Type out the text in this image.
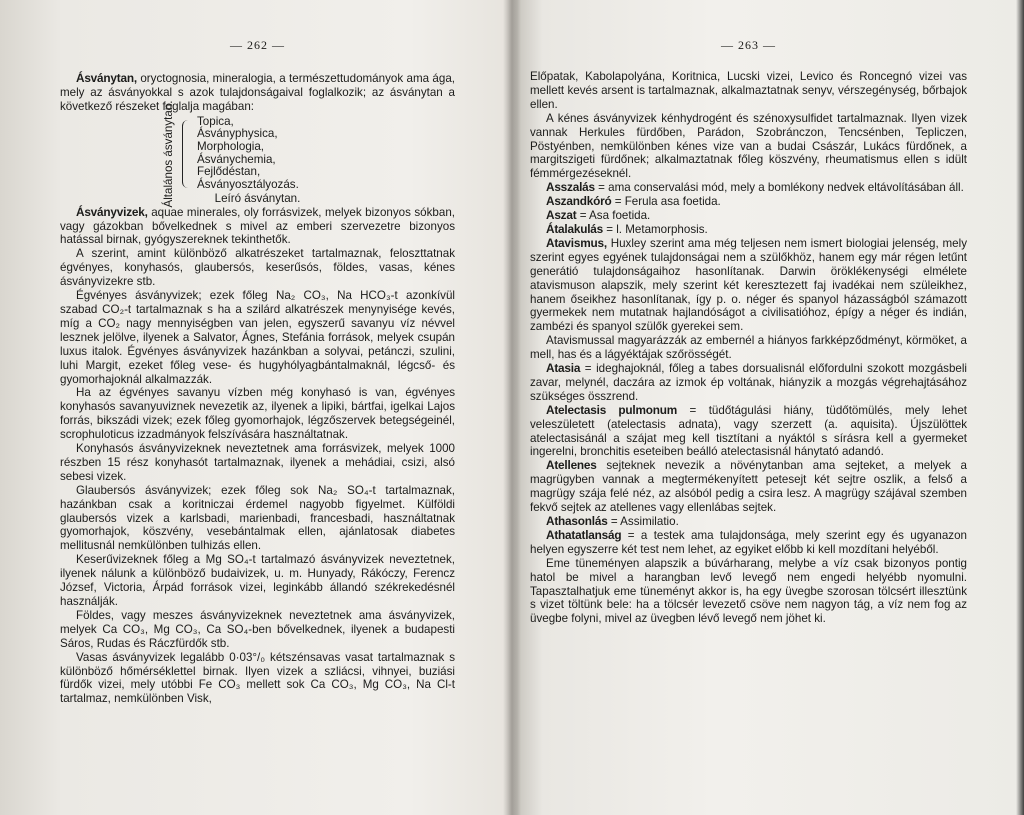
— 262 —

Ásványtan, oryctognosia, mineralogia, a természettudományok ama ága, mely az ásványokkal s azok tulajdonságaival foglalkozik; az ásványtan a következő részeket foglalja magában:

Általános ásványtan. Topica,
Ásványphysica,
Morphologia,
Ásványchemia,
Fejlődéstan,
Ásványosztályozás.

Leíró ásványtan.

Ásványvizek, aquae minerales, oly forrásvizek, melyek bizonyos sókban, vagy gázokban bővelkednek s mivel az emberi szervezetre bizonyos hatással birnak, gyógyszereknek tekinthetők.

A szerint, amint különböző alkatrészeket tartalmaznak, feloszttatnak égvényes, konyhasós, glaubersós, keserűsós, földes, vasas, kénes ásványvizekre stb.

Égvényes ásványvizek; ezek főleg Na₂ CO₃, Na HCO₃-t azonkívül szabad CO₂-t tartalmaznak s ha a szilárd alkatrészek menynyisége kevés, míg a CO₂ nagy mennyiségben van jelen, egyszerű savanyu víz névvel lesznek jelölve, ilyenek a Salvator, Ágnes, Stefánia források, melyek csupán luxus italok. Égvényes ásványvizek hazánkban a solyvai, petánczi, szulini, luhi Margit, ezeket főleg vese- és hugyhólyagbántalmaknál, légcső- és gyomorhajoknál alkalmazzák.

Ha az égvényes savanyu vízben még konyhasó is van, égvényes konyhasós savanyuviznek nevezetik az, ilyenek a lipiki, bártfai, igelkai Lajos forrás, bikszádi vizek; ezek főleg gyomorhajok, légzőszervek betegségeinél, scrophuloticus izzadmányok felszívására használtatnak.

Konyhasós ásványvizeknek neveztetnek ama forrásvizek, melyek 1000 részben 15 rész konyhasót tartalmaznak, ilyenek a mehádiai, csizi, alsó sebesi vizek.

Glaubersós ásványvizek; ezek főleg sok Na₂ SO₄-t tartalmaznak, hazánkban csak a koritniczai érdemel nagyobb figyelmet. Külföldi glaubersós vizek a karlsbadi, marienbadi, francesbadi, használtatnak gyomorhajok, köszvény, vesebántalmak ellen, ajánlatosak diabetes mellitusnál nemkülönben tulhizás ellen.

Keserűvizeknek főleg a Mg SO₄-t tartalmazó ásványvizek neveztetnek, ilyenek nálunk a különböző budaivizek, u. m. Hunyady, Rákóczy, Ferencz József, Victoria, Árpád források vizei, leginkább állandó székrekedésnél használják.

Földes, vagy meszes ásványvizeknek neveztetnek ama ásványvizek, melyek Ca CO₃, Mg CO₃, Ca SO₄-ben bővelkednek, ilyenek a budapesti Sáros, Rudas és Ráczfürdők stb.

Vasas ásványvizek legalább 0·03°/₀ kétszénsavas vasat tartalmaznak s különböző hőmérséklettel birnak. Ilyen vizek a szliácsi, vihnyei, buziási fürdők vizei, mely utóbbi Fe CO₃ mellett sok Ca CO₃, Mg CO₃, Na Cl-t tartalmaz, nemkülönben Visk,

— 263 —

Előpatak, Kabolapolyána, Koritnica, Lucski vizei, Levico és Roncegnó vizei vas mellett kevés arsent is tartalmaznak, alkalmaztatnak senyv, vérszegénység, bőrbajok ellen.

A kénes ásványvizek kénhydrogént és szénoxysulfidet tartalmaznak. Ilyen vizek vannak Herkules fürdőben, Parádon, Szobránczon, Tencsénben, Tepliczen, Pöstyénben, nemkülönben kénes vize van a budai Császár, Lukács fürdőnek, a margitszigeti fürdőnek; alkalmaztatnak főleg köszvény, rheumatismus ellen s idült fémmérgezéseknél.

Asszalás = ama conservalási mód, mely a bomlékony nedvek eltávolításában áll.

Aszandkóró = Ferula asa foetida.

Aszat = Asa foetida.

Átalakulás = l. Metamorphosis.

Atavismus, Huxley szerint ama még teljesen nem ismert biologiai jelenség, mely szerint egyes egyének tulajdonságai nem a szülőkhöz, hanem egy már régen letűnt generátió tulajdonságaihoz hasonlítanak. Darwin öröklékenységi elmélete atavismuson alapszik, mely szerint két keresztezett faj ivadékai nem szüleikhez, hanem őseikhez hasonlítanak, így p. o. néger és spanyol házasságból számazott gyermekek nem mutatnak hajlandóságot a civilisatióhoz, épígy a néger és indián, zambézi és spanyol szülők gyerekei sem.

Atavismussal magyarázzák az embernél a hiányos farkképződményt, körmöket, a mell, has és a lágyéktájak szőrösségét.

Atasia = ideghajoknál, főleg a tabes dorsualisnál előfordulni szokott mozgásbeli zavar, melynél, daczára az izmok ép voltának, hiányzik a mozgás végrehajtásához szükséges összrend.

Atelectasis pulmonum = tüdőtágulási hiány, tüdőtömülés, mely lehet veleszületett (atelectasis adnata), vagy szerzett (a. aquisita). Újszülöttek atelectasisánál a szájat meg kell tisztítani a nyáktól s sírásra kell a gyermeket ingerelni, bronchitis eseteiben beálló atelectasisnál hánytató adandó.

Atellenes sejteknek nevezik a növénytanban ama sejteket, a melyek a magrügyben vannak a megtermékenyített petesejt két sejtre oszlik, a felső a magrügy szája felé néz, az alsóból pedig a csira lesz. A magrügy szájával szemben fekvő sejtek az atellenes vagy ellenlábas sejtek.

Athasonlás = Assimilatio.

Athatatlanság = a testek ama tulajdonsága, mely szerint egy és ugyanazon helyen egyszerre két test nem lehet, az egyiket előbb ki kell mozdítani helyéből.

Eme tüneményen alapszik a búvárharang, melybe a víz csak bizonyos pontig hatol be mivel a harangban levő levegő nem engedi helyébb nyomulni. Tapasztalhatjuk eme tüneményt akkor is, ha egy üvegbe szorosan tölcsért illesztünk s vizet töltünk bele: ha a tölcsér levezető csöve nem nagyon tág, a víz nem fog az üvegbe folyni, mivel az üvegben lévő levegő nem jöhet ki.
